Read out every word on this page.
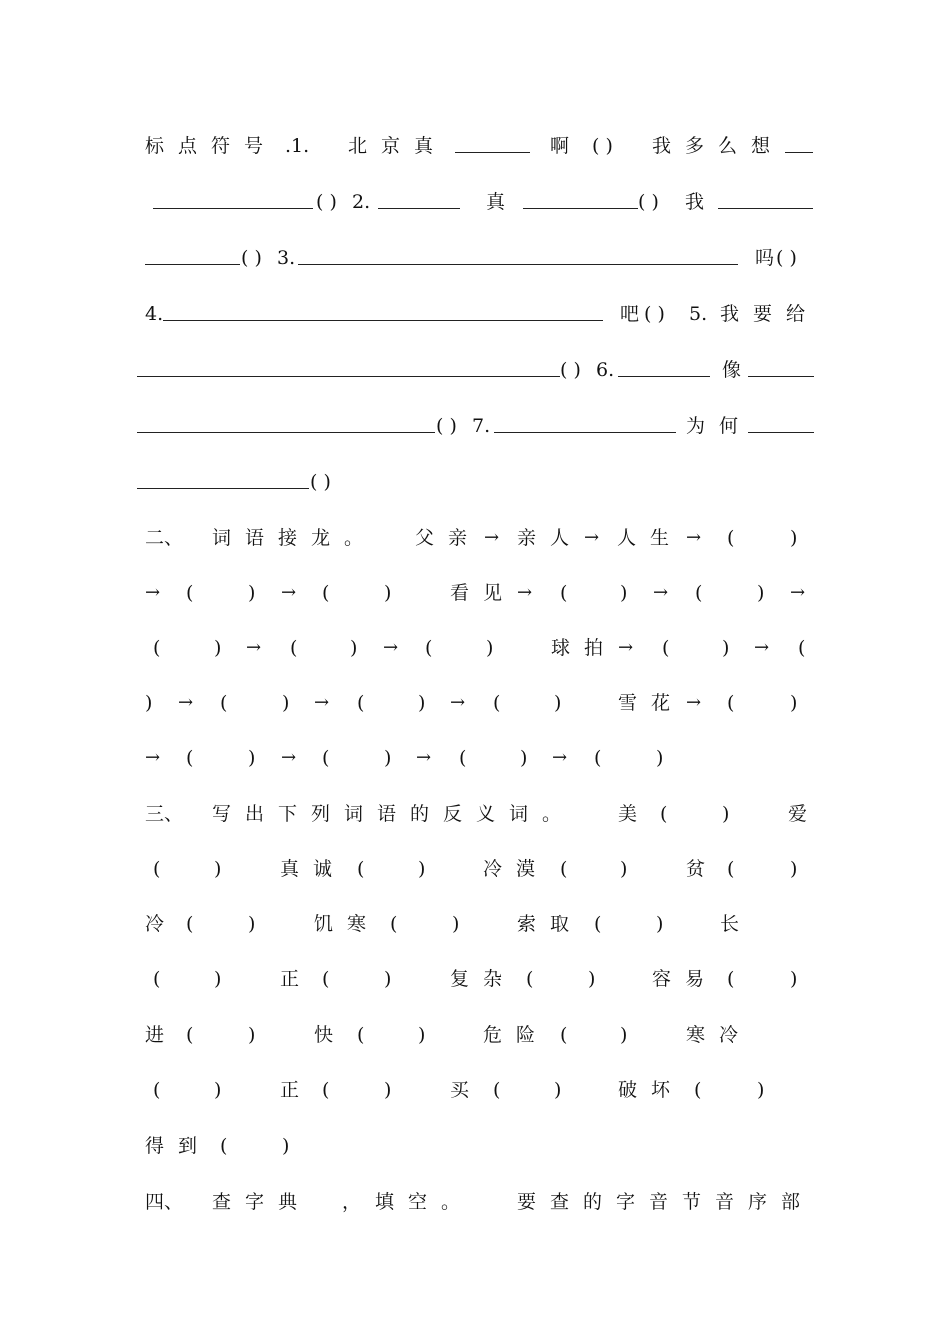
标点符号 .1. 北京真	啊 ( ) 我多么想
( ) 2.	真	( ) 我
( ) 3.	吗 ( )
4.	吧 ( ) 5. 我要给
( ) 6.	像
( ) 7.	为何
( )
二、 词语接龙。 父亲 → 亲人 → 人生 → (	)
→ (	) → (	)	看见 → (	) → (	) →
(	) → (	) → (	)	球拍 → (	) → (
) → (	) → (	) → (	)	雪花 → (	)
→ (	) → (	) → (	) → (	)
三、 写出下列词语的反义词。 美 (	)	爱
(	)	真诚 (	)	冷漠 (	)	贫 (	)
冷 (	)	饥寒 (	)	索取 (	)	长
(	)	正 (	)	复杂 (	)	容易 (	)
进 (	)	快 (	)	危险 (	)	寒冷
(	)	正 (	)	买 (	)	破坏 (	)
得到 (	)
四、 查字典 ，填空。 要查的字音节音序部
